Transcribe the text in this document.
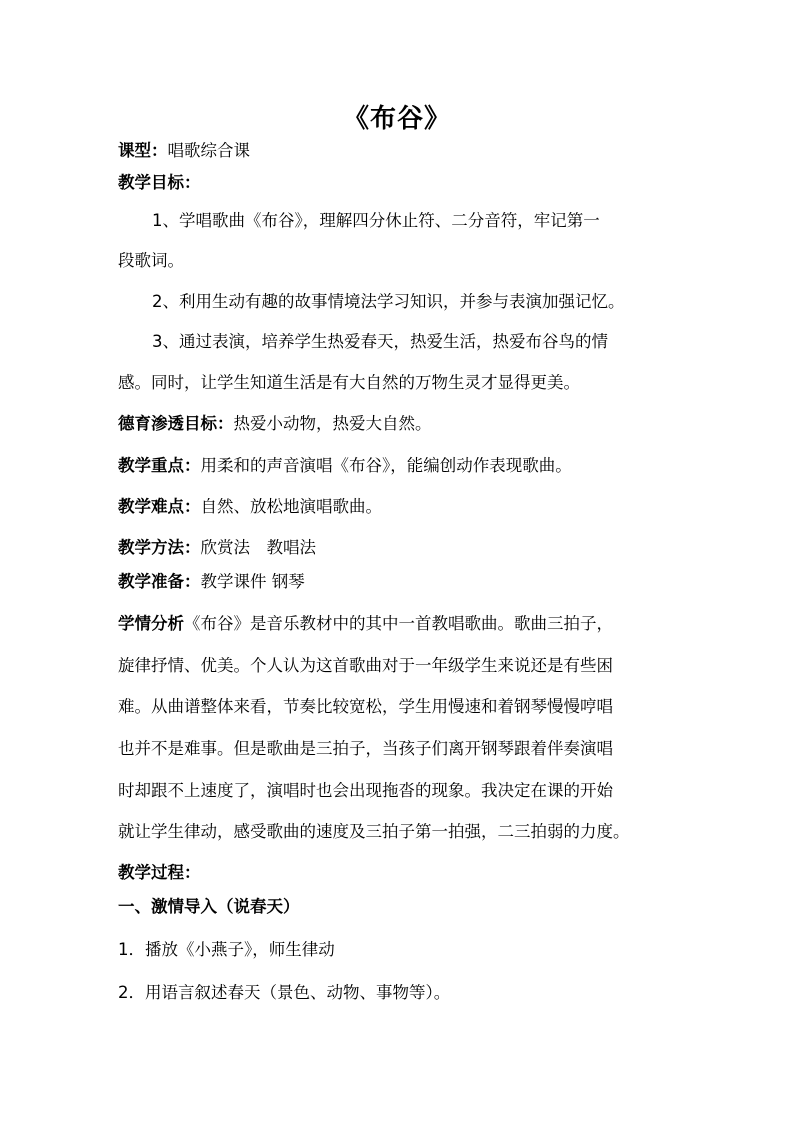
《布谷》
课型：唱歌综合课
教学目标：
1、学唱歌曲《布谷》，理解四分休止符、二分音符，牢记第一
段歌词。
2、利用生动有趣的故事情境法学习知识，并参与表演加强记忆。
3、通过表演，培养学生热爱春天，热爱生活，热爱布谷鸟的情
感。同时，让学生知道生活是有大自然的万物生灵才显得更美。
德育渗透目标：热爱小动物，热爱大自然。
教学重点：用柔和的声音演唱《布谷》，能编创动作表现歌曲。
教学难点：自然、放松地演唱歌曲。
教学方法：欣赏法　教唱法
教学准备：教学课件 钢琴
学情分析《布谷》是音乐教材中的其中一首教唱歌曲。歌曲三拍子，
旋律抒情、优美。个人认为这首歌曲对于一年级学生来说还是有些困
难。从曲谱整体来看，节奏比较宽松，学生用慢速和着钢琴慢慢哼唱
也并不是难事。但是歌曲是三拍子，当孩子们离开钢琴跟着伴奏演唱
时却跟不上速度了，演唱时也会出现拖沓的现象。我决定在课的开始
就让学生律动，感受歌曲的速度及三拍子第一拍强，二三拍弱的力度。
教学过程：
一、激情导入（说春天）
1．播放《小燕子》，师生律动
2．用语言叙述春天（景色、动物、事物等）。
